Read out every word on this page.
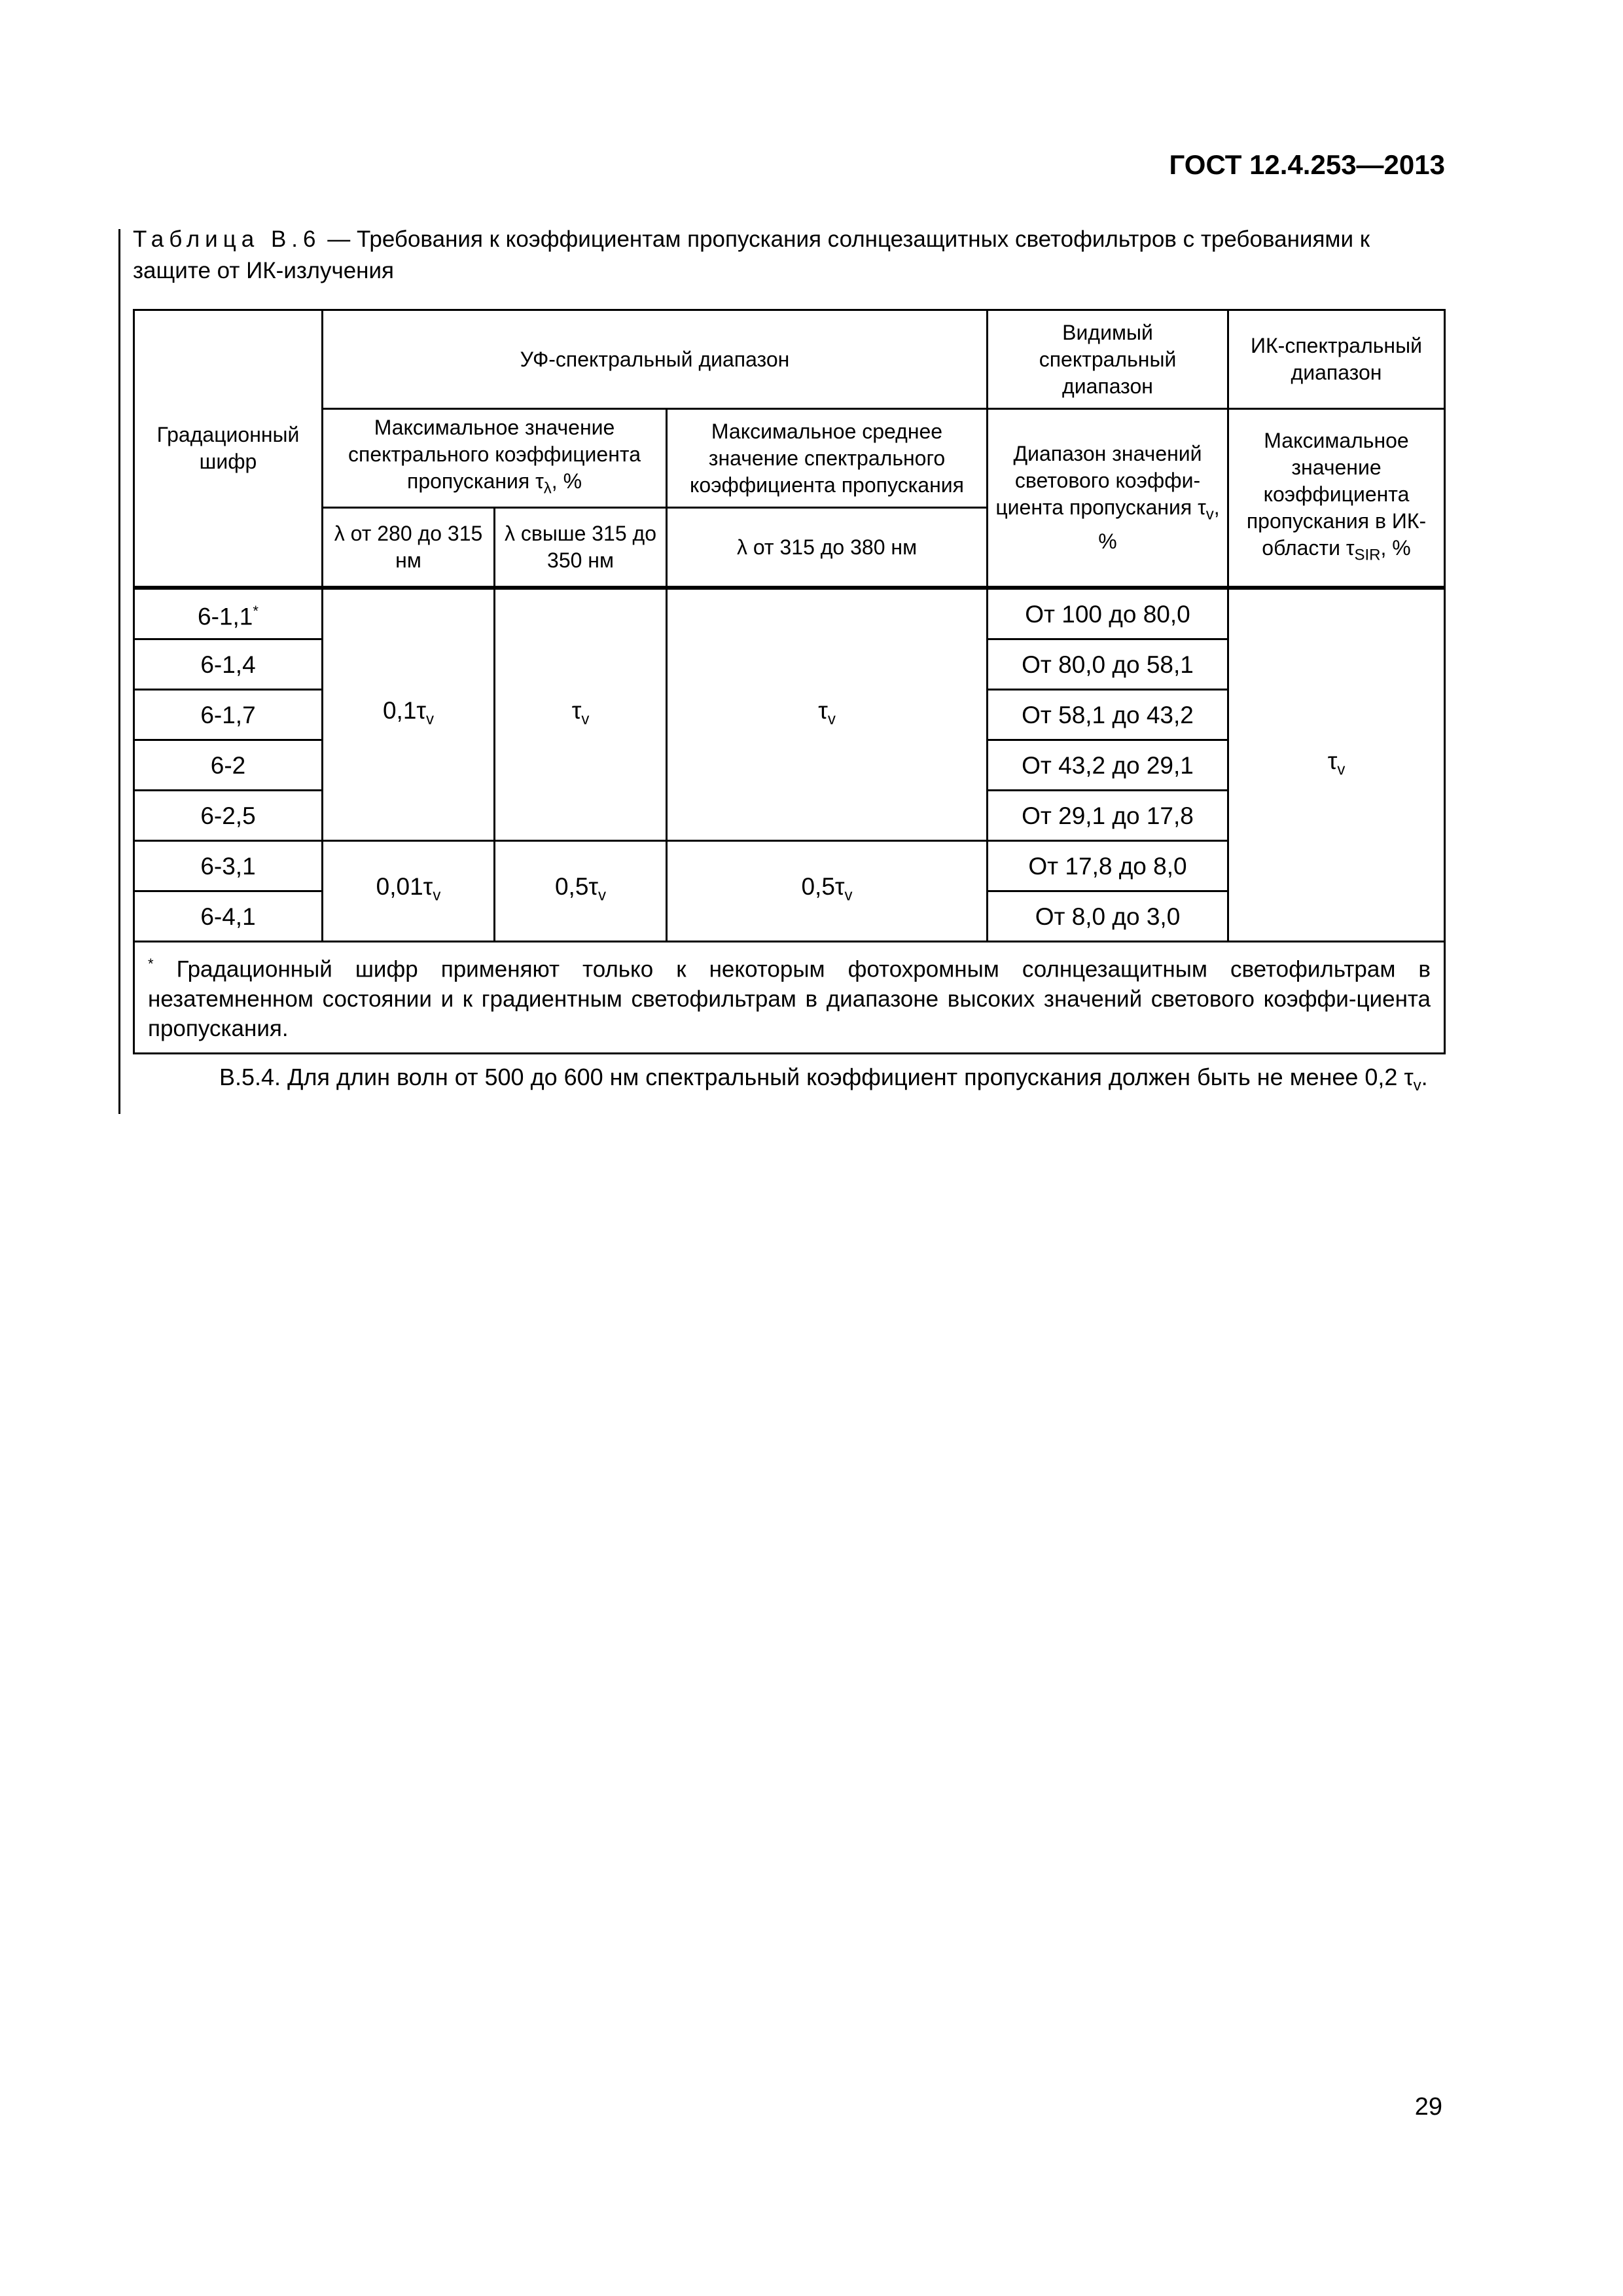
ГОСТ 12.4.253—2013
Таблица В.6 — Требования к коэффициентам пропускания солнцезащитных светофильтров с требованиями к защите от ИК-излучения
Градационный шифр	УФ-спектральный диапазон			Видимый спектральный диапазон	ИК-спектральный диапазон
	Максимальное значение спектрального коэффициента пропускания $\tau_\lambda$, %		Максимальное среднее значение спектрального коэффициента пропускания	Диапазон значений светового коэффи-циента пропускания $\tau_v$, %	Максимальное значение коэффициента пропускания в ИК-области $\tau_{SIR}$, %
	λ от 280 до 315 нм	λ свыше 315 до 350 нм	λ от 315 до 380 нм		
6-1,1*	$0,1\tau_v$	$\tau_v$	$\tau_v$	От 100 до 80,0	$\tau_v$
6-1,4				От 80,0 до 58,1	
6-1,7				От 58,1 до 43,2	
6-2				От 43,2 до 29,1	
6-2,5				От 29,1 до 17,8	
6-3,1	$0,01\tau_v$	$0,5\tau_v$	$0,5\tau_v$	От 17,8 до 8,0	
6-4,1				От 8,0 до 3,0	
* Градационный шифр применяют только к некоторым фотохромным солнцезащитным светофильтрам в незатемненном состоянии и к градиентным светофильтрам в диапазоне высоких значений светового коэффи-циента пропускания.					
В.5.4. Для длин волн от 500 до 600 нм спектральный коэффициент пропускания должен быть не менее 0,2 $\tau_v$.
29
